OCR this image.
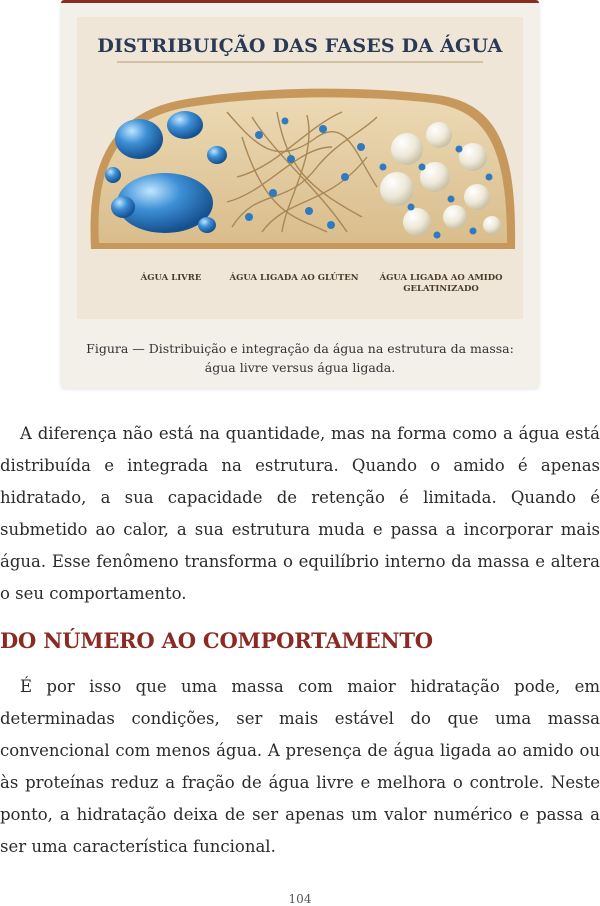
DISTRIBUIÇÃO DAS FASES DA ÁGUA
ÁGUA LIVRE	ÁGUA LIGADA AO GLÚTEN	ÁGUA LIGADA AO AMIDO
GELATINIZADO
Figura — Distribuição e integração da água na estrutura da massa:
água livre versus água ligada.

A diferença não está na quantidade, mas na forma como a água está distribuída e integrada na estrutura. Quando o amido é apenas hidratado, a sua capacidade de retenção é limitada. Quando é submetido ao calor, a sua estrutura muda e passa a incorporar mais água. Esse fenômeno transforma o equilíbrio interno da massa e altera o seu comportamento.

DO NÚMERO AO COMPORTAMENTO

É por isso que uma massa com maior hidratação pode, em determinadas condições, ser mais estável do que uma massa convencional com menos água. A presença de água ligada ao amido ou às proteínas reduz a fração de água livre e melhora o controle. Neste ponto, a hidratação deixa de ser apenas um valor numérico e passa a ser uma característica funcional.

104
